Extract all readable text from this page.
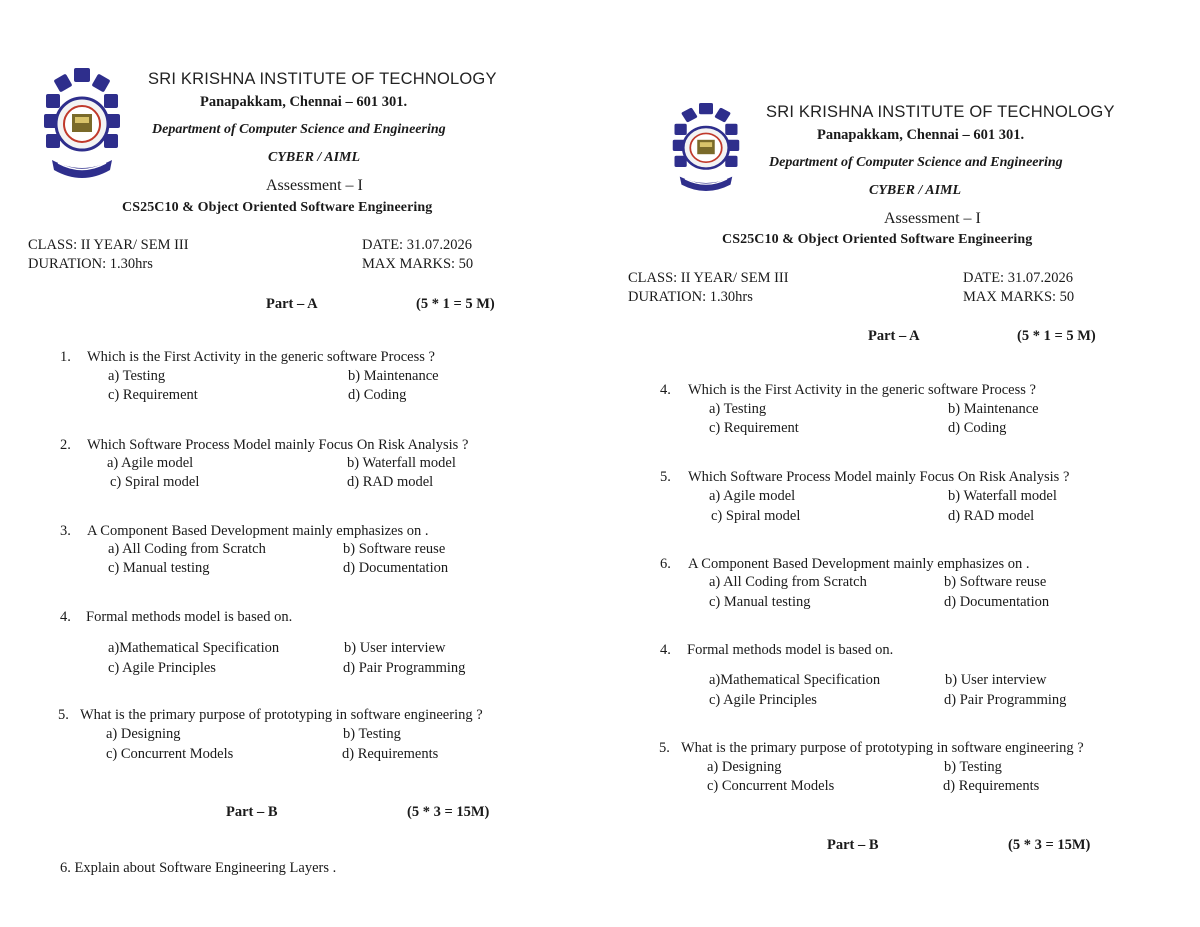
SRI KRISHNA INSTITUTE OF TECHNOLOGY
Panapakkam, Chennai – 601 301.
Department of Computer Science and Engineering
CYBER / AIML
Assessment – I
CS25C10 & Object Oriented Software Engineering
CLASS: II YEAR/ SEM III	DATE: 31.07.2026
DURATION: 1.30hrs	MAX MARKS: 50
Part – A	(5 * 1 = 5 M)
1. Which is the First Activity in the generic software Process ?
a) Testing	b) Maintenance
c) Requirement	d) Coding
2. Which Software Process Model mainly Focus On Risk Analysis ?
a) Agile model	b) Waterfall model
c) Spiral model	d) RAD model
3. A Component Based Development mainly emphasizes on .
a) All Coding from Scratch	b) Software reuse
c) Manual testing	d) Documentation
4. Formal methods model is based on.
a)Mathematical Specification	b) User interview
c) Agile Principles	d) Pair Programming
5. What is the primary purpose of prototyping in software engineering ?
a) Designing	b) Testing
c) Concurrent Models	d) Requirements
Part – B	(5 * 3 = 15M)
6. Explain about Software Engineering Layers .
SRI KRISHNA INSTITUTE OF TECHNOLOGY
Panapakkam, Chennai – 601 301.
Department of Computer Science and Engineering
CYBER / AIML
Assessment – I
CS25C10 & Object Oriented Software Engineering
CLASS: II YEAR/ SEM III	DATE: 31.07.2026
DURATION: 1.30hrs	MAX MARKS: 50
Part – A	(5 * 1 = 5 M)
4. Which is the First Activity in the generic software Process ?
a) Testing	b) Maintenance
c) Requirement	d) Coding
5. Which Software Process Model mainly Focus On Risk Analysis ?
a) Agile model	b) Waterfall model
c) Spiral model	d) RAD model
6. A Component Based Development mainly emphasizes on .
a) All Coding from Scratch	b) Software reuse
c) Manual testing	d) Documentation
4. Formal methods model is based on.
a)Mathematical Specification	b) User interview
c) Agile Principles	d) Pair Programming
5. What is the primary purpose of prototyping in software engineering ?
a) Designing	b) Testing
c) Concurrent Models	d) Requirements
Part – B	(5 * 3 = 15M)
